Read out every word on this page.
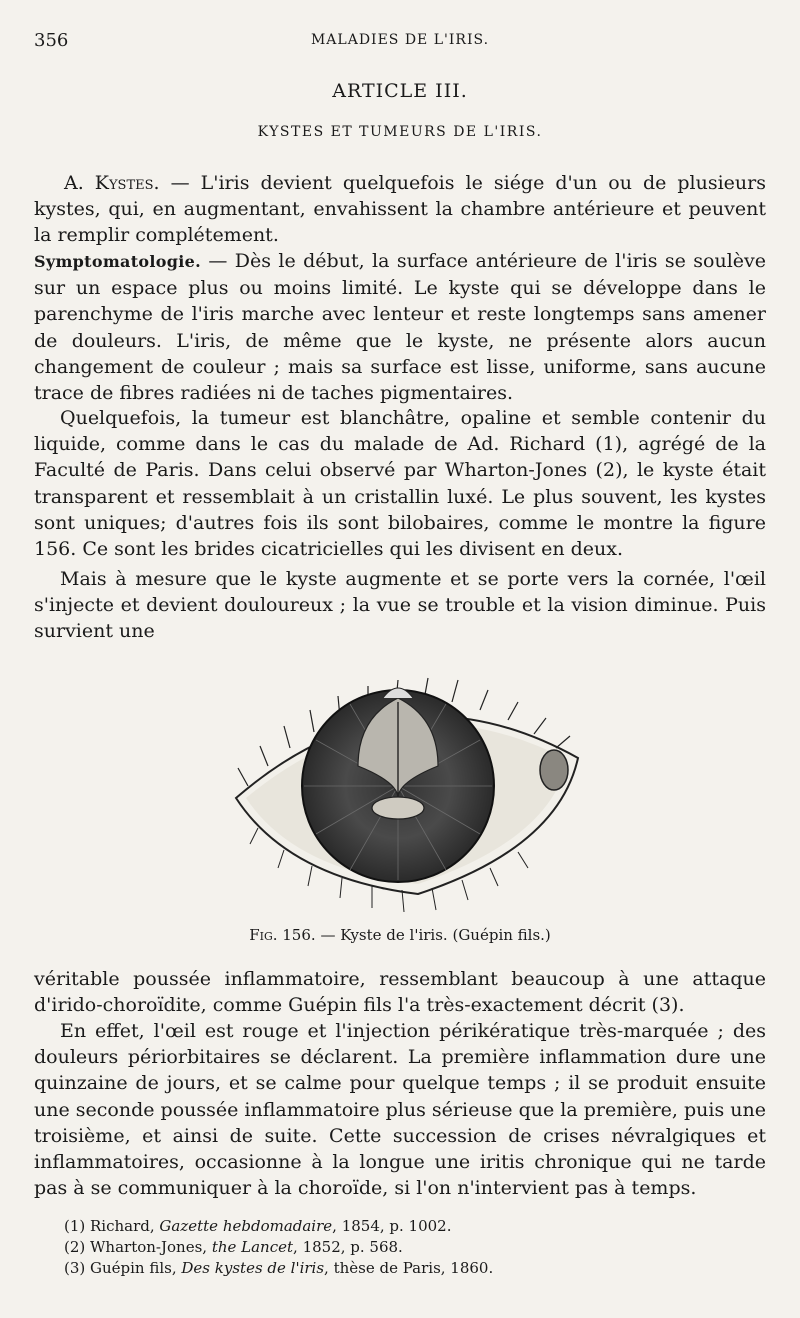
356	MALADIES DE L'IRIS.
ARTICLE III.
KYSTES ET TUMEURS DE L'IRIS.
A. Kystes. — L'iris devient quelquefois le siége d'un ou de plusieurs kystes, qui, en augmentant, envahissent la chambre antérieure et peuvent la remplir complétement.
Symptomatologie. — Dès le début, la surface antérieure de l'iris se soulève sur un espace plus ou moins limité. Le kyste qui se développe dans le parenchyme de l'iris marche avec lenteur et reste longtemps sans amener de douleurs. L'iris, de même que le kyste, ne présente alors aucun changement de couleur ; mais sa surface est lisse, uniforme, sans aucune trace de fibres radiées ni de taches pigmentaires.
Quelquefois, la tumeur est blanchâtre, opaline et semble contenir du liquide, comme dans le cas du malade de Ad. Richard (1), agrégé de la Faculté de Paris. Dans celui observé par Wharton-Jones (2), le kyste était transparent et ressemblait à un cristallin luxé. Le plus souvent, les kystes sont uniques; d'autres fois ils sont bilobaires, comme le montre la figure 156. Ce sont les brides cicatricielles qui les divisent en deux.
Mais à mesure que le kyste augmente et se porte vers la cornée, l'œil s'injecte et devient douloureux ; la vue se trouble et la vision diminue. Puis survient une
Fig. 156. — Kyste de l'iris. (Guépin fils.)
véritable poussée inflammatoire, ressemblant beaucoup à une attaque d'irido-choroïdite, comme Guépin fils l'a très-exactement décrit (3).
En effet, l'œil est rouge et l'injection périkératique très-marquée ; des douleurs périorbitaires se déclarent. La première inflammation dure une quinzaine de jours, et se calme pour quelque temps ; il se produit ensuite une seconde poussée inflammatoire plus sérieuse que la première, puis une troisième, et ainsi de suite. Cette succession de crises névralgiques et inflammatoires, occasionne à la longue une iritis chronique qui ne tarde pas à se communiquer à la choroïde, si l'on n'intervient pas à temps.
(1) Richard, Gazette hebdomadaire, 1854, p. 1002.
(2) Wharton-Jones, the Lancet, 1852, p. 568.
(3) Guépin fils, Des kystes de l'iris, thèse de Paris, 1860.
